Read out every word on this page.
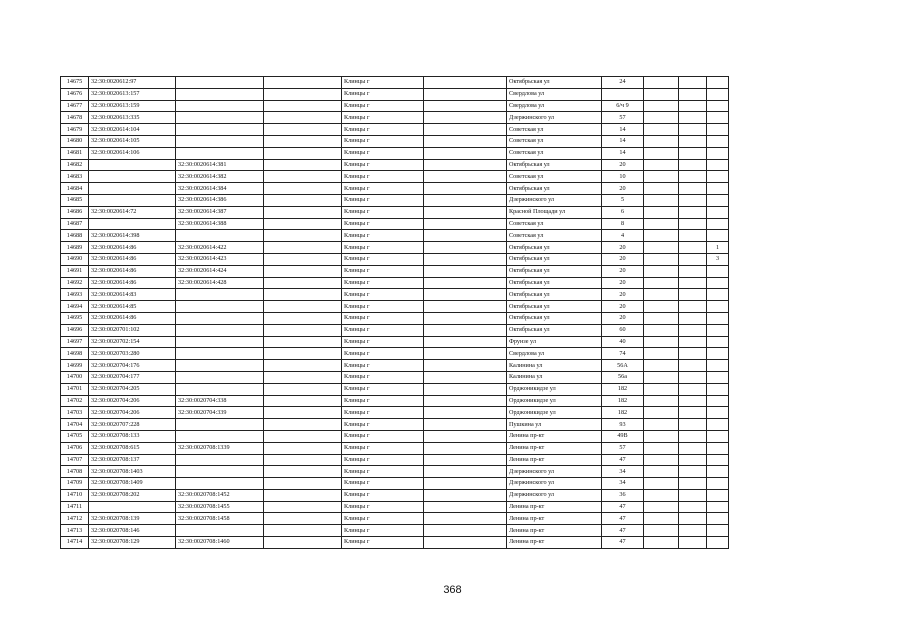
14675	32:30:0020612:97			Клинцы г		Октябрьская ул	24			
14676	32:30:0020613:157			Клинцы г		Свердлова ул				
14677	32:30:0020613:159			Клинцы г		Свердлова ул	6/ч 9			
14678	32:30:0020613:335			Клинцы г		Дзержинского ул	57			
14679	32:30:0020614:104			Клинцы г		Советская ул	14			
14680	32:30:0020614:105			Клинцы г		Советская ул	14			
14681	32:30:0020614:106			Клинцы г		Советская ул	14			
14682		32:30:0020614:381		Клинцы г		Октябрьская ул	20			
14683		32:30:0020614:382		Клинцы г		Советская ул	10			
14684		32:30:0020614:384		Клинцы г		Октябрьская ул	20			
14685		32:30:0020614:386		Клинцы г		Дзержинского ул	5			
14686	32:30:0020614:72	32:30:0020614:387		Клинцы г		Красной Площади ул	6			
14687		32:30:0020614:388		Клинцы г		Советская ул	8			
14688	32:30:0020614:398			Клинцы г		Советская ул	4			
14689	32:30:0020614:86	32:30:0020614:422		Клинцы г		Октябрьская ул	20			1
14690	32:30:0020614:86	32:30:0020614:423		Клинцы г		Октябрьская ул	20			3
14691	32:30:0020614:86	32:30:0020614:424		Клинцы г		Октябрьская ул	20			
14692	32:30:0020614:86	32:30:0020614:428		Клинцы г		Октябрьская ул	20			
14693	32:30:0020614:83			Клинцы г		Октябрьская ул	20			
14694	32:30:0020614:85			Клинцы г		Октябрьская ул	20			
14695	32:30:0020614:86			Клинцы г		Октябрьская ул	20			
14696	32:30:0020701:102			Клинцы г		Октябрьская ул	60			
14697	32:30:0020702:154			Клинцы г		Фрунзе ул	40			
14698	32:30:0020703:280			Клинцы г		Свердлова ул	74			
14699	32:30:0020704:176			Клинцы г		Калинина ул	56А			
14700	32:30:0020704:177			Клинцы г		Калинина ул	56а			
14701	32:30:0020704:205			Клинцы г		Орджоникидзе ул	182			
14702	32:30:0020704:206	32:30:0020704:338		Клинцы г		Орджоникидзе ул	182			
14703	32:30:0020704:206	32:30:0020704:339		Клинцы г		Орджоникидзе ул	182			
14704	32:30:0020707:228			Клинцы г		Пушкина ул	93			
14705	32:30:0020708:133			Клинцы г		Ленина пр-кт	49В			
14706	32:30:0020708:615	32:30:0020708:1339		Клинцы г		Ленина пр-кт	57			
14707	32:30:0020708:137			Клинцы г		Ленина пр-кт	47			
14708	32:30:0020708:1403			Клинцы г		Дзержинского ул	34			
14709	32:30:0020708:1409			Клинцы г		Дзержинского ул	34			
14710	32:30:0020708:202	32:30:0020708:1452		Клинцы г		Дзержинского ул	36			
14711		32:30:0020708:1455		Клинцы г		Ленина пр-кт	47			
14712	32:30:0020708:139	32:30:0020708:1458		Клинцы г		Ленина пр-кт	47			
14713	32:30:0020708:146			Клинцы г		Ленина пр-кт	47			
14714	32:30:0020708:129	32:30:0020708:1460		Клинцы г		Ленина пр-кт	47			
368
